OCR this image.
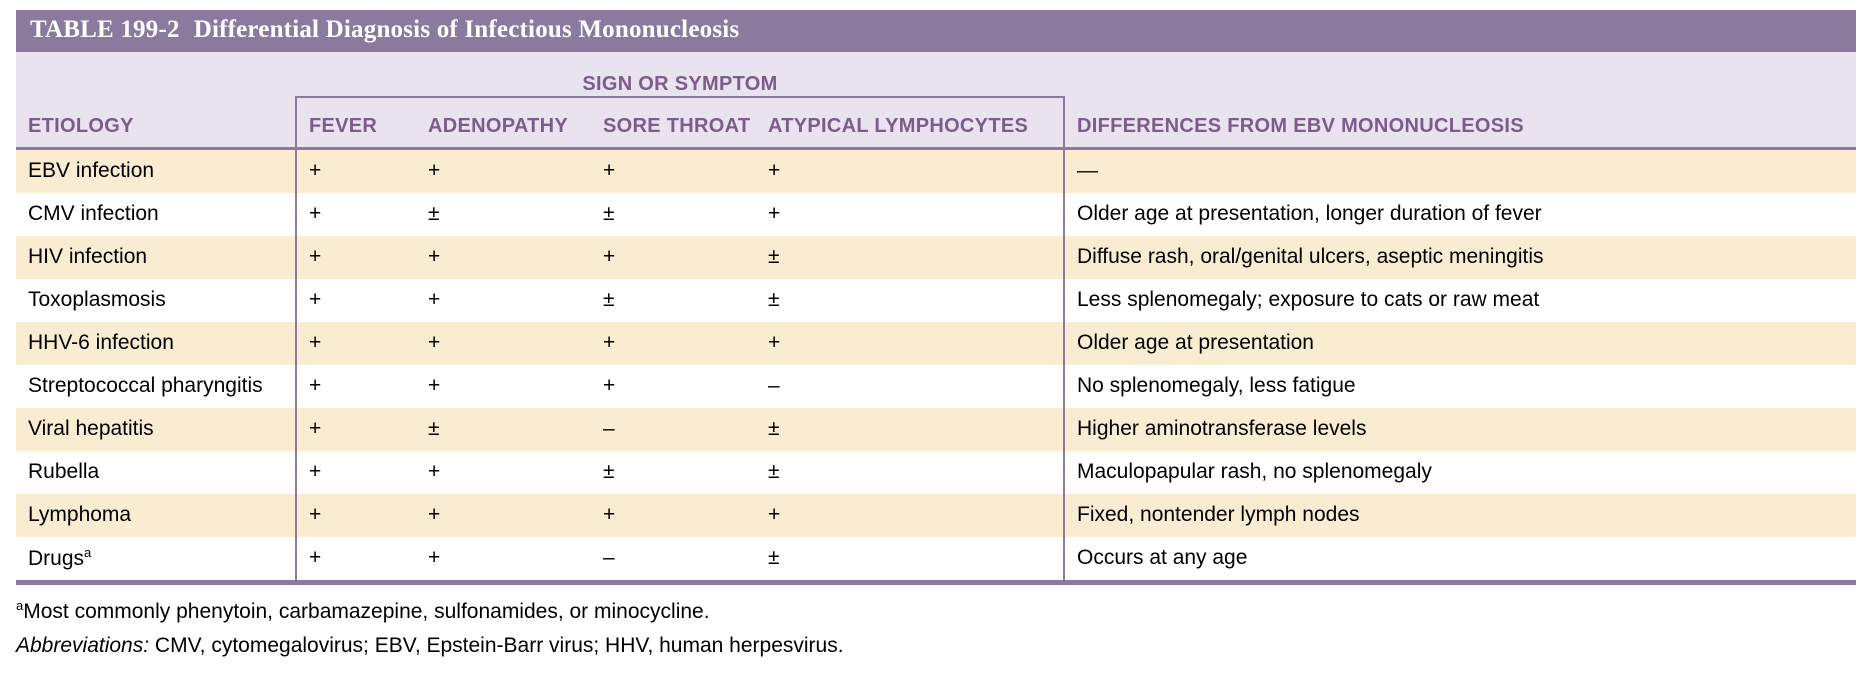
TABLE 199-2 Differential Diagnosis of Infectious Mononucleosis					
	SIGN OR SYMPTOM				
ETIOLOGY	FEVER	ADENOPATHY	SORE THROAT	ATYPICAL LYMPHOCYTES	DIFFERENCES FROM EBV MONONUCLEOSIS

EBV infection	+	+	+	+	—
CMV infection	+	±	±	+	Older age at presentation, longer duration of fever
HIV infection	+	+	+	±	Diffuse rash, oral/genital ulcers, aseptic meningitis
Toxoplasmosis	+	+	±	±	Less splenomegaly; exposure to cats or raw meat
HHV-6 infection	+	+	+	+	Older age at presentation
Streptococcal pharyngitis	+	+	+	–	No splenomegaly, less fatigue
Viral hepatitis	+	±	–	±	Higher aminotransferase levels
Rubella	+	+	±	±	Maculopapular rash, no splenomegaly
Lymphoma	+	+	+	+	Fixed, nontender lymph nodes
Drugs$^a$	+	+	–	±	Occurs at any age
$^a$Most commonly phenytoin, carbamazepine, sulfonamides, or minocycline.
Abbreviations: CMV, cytomegalovirus; EBV, Epstein-Barr virus; HHV, human herpesvirus.
